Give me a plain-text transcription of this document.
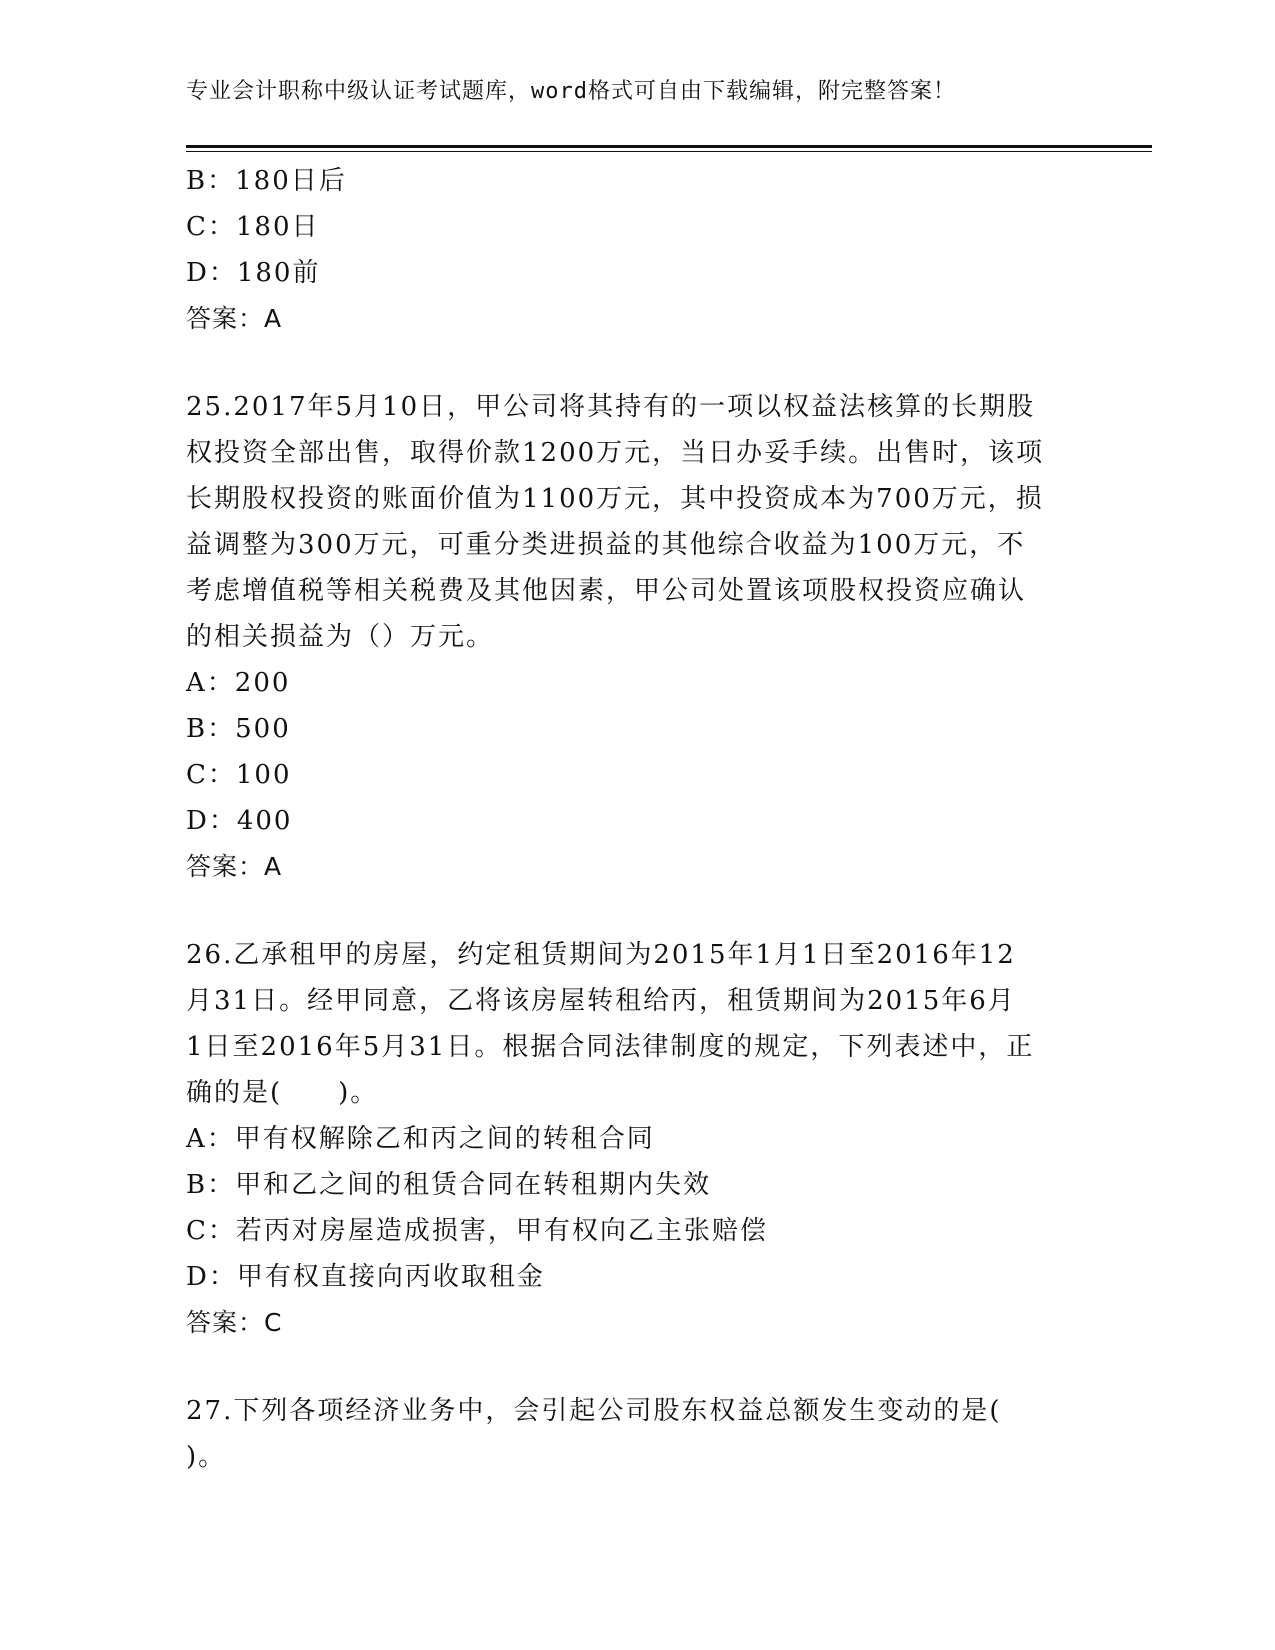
专业会计职称中级认证考试题库，word格式可自由下载编辑，附完整答案！
B：180日后
C：180日
D：180前
答案：A
25.2017年5月10日，甲公司将其持有的一项以权益法核算的长期股
权投资全部出售，取得价款1200万元，当日办妥手续。出售时，该项
长期股权投资的账面价值为1100万元，其中投资成本为700万元，损
益调整为300万元，可重分类进损益的其他综合收益为100万元，不
考虑增值税等相关税费及其他因素，甲公司处置该项股权投资应确认
的相关损益为（）万元。
A：200
B：500
C：100
D：400
答案：A
26.乙承租甲的房屋，约定租赁期间为2015年1月1日至2016年12
月31日。经甲同意，乙将该房屋转租给丙，租赁期间为2015年6月
1日至2016年5月31日。根据合同法律制度的规定，下列表述中，正
确的是(　　)。
A：甲有权解除乙和丙之间的转租合同
B：甲和乙之间的租赁合同在转租期内失效
C：若丙对房屋造成损害，甲有权向乙主张赔偿
D：甲有权直接向丙收取租金
答案：C
27.下列各项经济业务中，会引起公司股东权益总额发生变动的是(
)。
